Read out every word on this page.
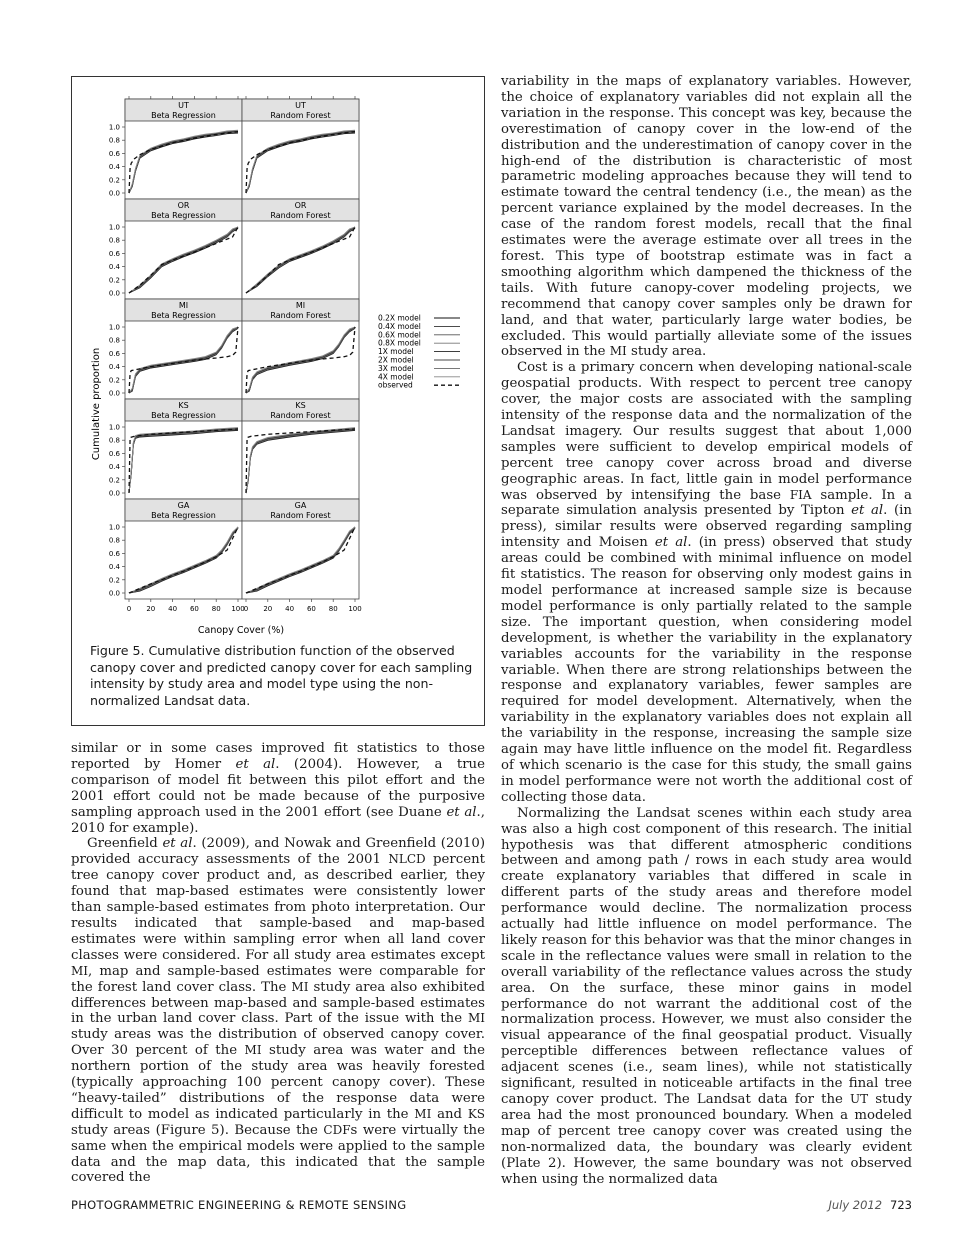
Cumulative proportion
Canopy Cover (%)
UT
Beta Regression
0.0
0.2
0.4
0.6
0.8
1.0
UT
Random Forest
OR
Beta Regression
0.0
0.2
0.4
0.6
0.8
1.0
OR
Random Forest
MI
Beta Regression
0.0
0.2
0.4
0.6
0.8
1.0
MI
Random Forest
KS
Beta Regression
0.0
0.2
0.4
0.6
0.8
1.0
KS
Random Forest
GA
Beta Regression
0.0
0.2
0.4
0.6
0.8
1.0
0 20 40 60 80 100
GA
Random Forest
0 20 40 60 80 100
0.2X model
0.4X model
0.6X model
0.8X model
1X model
2X model
3X model
4X model
observed
Figure 5. Cumulative distribution function of the observed canopy cover and predicted canopy cover for each sampling intensity by study area and model type using the non-normalized Landsat data.

similar or in some cases improved fit statistics to those reported by Homer et al. (2004). However, a true comparison of model fit between this pilot effort and the 2001 effort could not be made because of the purposive sampling approach used in the 2001 effort (see Duane et al., 2010 for example).

Greenfield et al. (2009), and Nowak and Greenfield (2010) provided accuracy assessments of the 2001 NLCD percent tree canopy cover product and, as described earlier, they found that map-based estimates were consistently lower than sample-based estimates from photo interpretation. Our results indicated that sample-based and map-based estimates were within sampling error when all land cover classes were considered. For all study area estimates except MI, map and sample-based estimates were comparable for the forest land cover class. The MI study area also exhibited differences between map-based and sample-based estimates in the urban land cover class. Part of the issue with the MI study areas was the distribution of observed canopy cover. Over 30 percent of the MI study area was water and the northern portion of the study area was heavily forested (typically approaching 100 percent canopy cover). These “heavy-tailed” distributions of the response data were difficult to model as indicated particularly in the MI and KS study areas (Figure 5). Because the CDFs were virtually the same when the empirical models were applied to the sample data and the map data, this indicated that the sample covered the

variability in the maps of explanatory variables. However, the choice of explanatory variables did not explain all the variation in the response. This concept was key, because the overestimation of canopy cover in the low-end of the distribution and the underestimation of canopy cover in the high-end of the distribution is characteristic of most parametric modeling approaches because they will tend to estimate toward the central tendency (i.e., the mean) as the percent variance explained by the model decreases. In the case of the random forest models, recall that the final estimates were the average estimate over all trees in the forest. This type of bootstrap estimate was in fact a smoothing algorithm which dampened the thickness of the tails. With future canopy-cover modeling projects, we recommend that canopy cover samples only be drawn for land, and that water, particularly large water bodies, be excluded. This would partially alleviate some of the issues observed in the MI study area.

Cost is a primary concern when developing national-scale geospatial products. With respect to percent tree canopy cover, the major costs are associated with the sampling intensity of the response data and the normalization of the Landsat imagery. Our results suggest that about 1,000 samples were sufficient to develop empirical models of percent tree canopy cover across broad and diverse geographic areas. In fact, little gain in model performance was observed by intensifying the base FIA sample. In a separate simulation analysis presented by Tipton et al. (in press), similar results were observed regarding sampling intensity and Moisen et al. (in press) observed that study areas could be combined with minimal influence on model fit statistics. The reason for observing only modest gains in model performance at increased sample size is because model performance is only partially related to the sample size. The important question, when considering model development, is whether the variability in the explanatory variables accounts for the variability in the response variable. When there are strong relationships between the response and explanatory variables, fewer samples are required for model development. Alternatively, when the variability in the explanatory variables does not explain all the variability in the response, increasing the sample size again may have little influence on the model fit. Regardless of which scenario is the case for this study, the small gains in model performance were not worth the additional cost of collecting those data.

Normalizing the Landsat scenes within each study area was also a high cost component of this research. The initial hypothesis was that different atmospheric conditions between and among path / rows in each study area would create explanatory variables that differed in scale in different parts of the study areas and therefore model performance would decline. The normalization process actually had little influence on model performance. The likely reason for this behavior was that the minor changes in scale in the reflectance values were small in relation to the overall variability of the reflectance values across the study area. On the surface, these minor gains in model performance do not warrant the additional cost of the normalization process. However, we must also consider the visual appearance of the final geospatial product. Visually perceptible differences between reflectance values of adjacent scenes (i.e., seam lines), while not statistically significant, resulted in noticeable artifacts in the final tree canopy cover product. The Landsat data for the UT study area had the most pronounced boundary. When a modeled map of percent tree canopy cover was created using the non-normalized data, the boundary was clearly evident (Plate 2). However, the same boundary was not observed when using the normalized data

PHOTOGRAMMETRIC ENGINEERING & REMOTE SENSING	July 2012 723
